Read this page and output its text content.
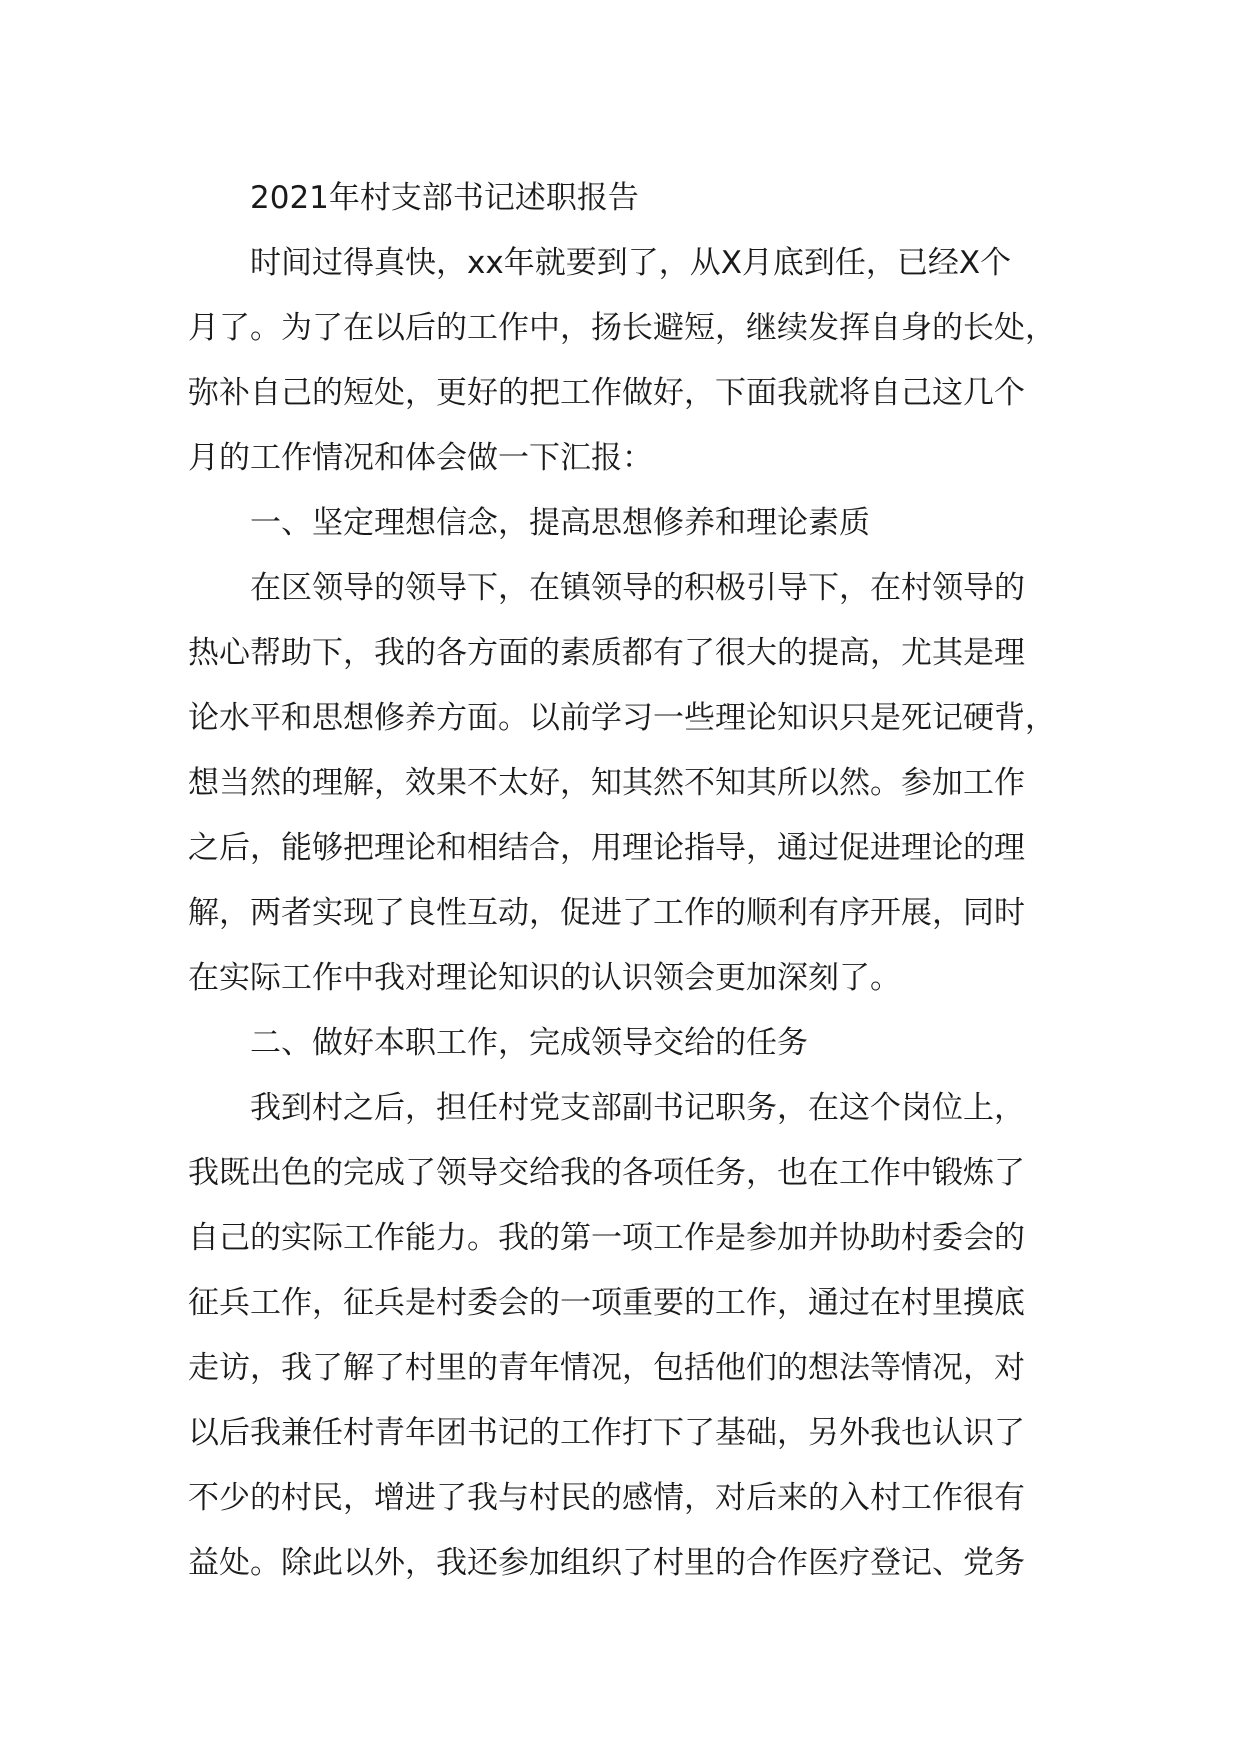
2021年村支部书记述职报告
时间过得真快，xx年就要到了，从X月底到任，已经X个
月了。为了在以后的工作中，扬长避短，继续发挥自身的长处，
弥补自己的短处，更好的把工作做好，下面我就将自己这几个
月的工作情况和体会做一下汇报：
一、坚定理想信念，提高思想修养和理论素质
在区领导的领导下，在镇领导的积极引导下，在村领导的
热心帮助下，我的各方面的素质都有了很大的提高，尤其是理
论水平和思想修养方面。以前学习一些理论知识只是死记硬背，
想当然的理解，效果不太好，知其然不知其所以然。参加工作
之后，能够把理论和相结合，用理论指导，通过促进理论的理
解，两者实现了良性互动，促进了工作的顺利有序开展，同时
在实际工作中我对理论知识的认识领会更加深刻了。
二、做好本职工作，完成领导交给的任务
我到村之后，担任村党支部副书记职务，在这个岗位上，
我既出色的完成了领导交给我的各项任务，也在工作中锻炼了
自己的实际工作能力。我的第一项工作是参加并协助村委会的
征兵工作，征兵是村委会的一项重要的工作，通过在村里摸底
走访，我了解了村里的青年情况，包括他们的想法等情况，对
以后我兼任村青年团书记的工作打下了基础，另外我也认识了
不少的村民，增进了我与村民的感情，对后来的入村工作很有
益处。除此以外，我还参加组织了村里的合作医疗登记、党务
